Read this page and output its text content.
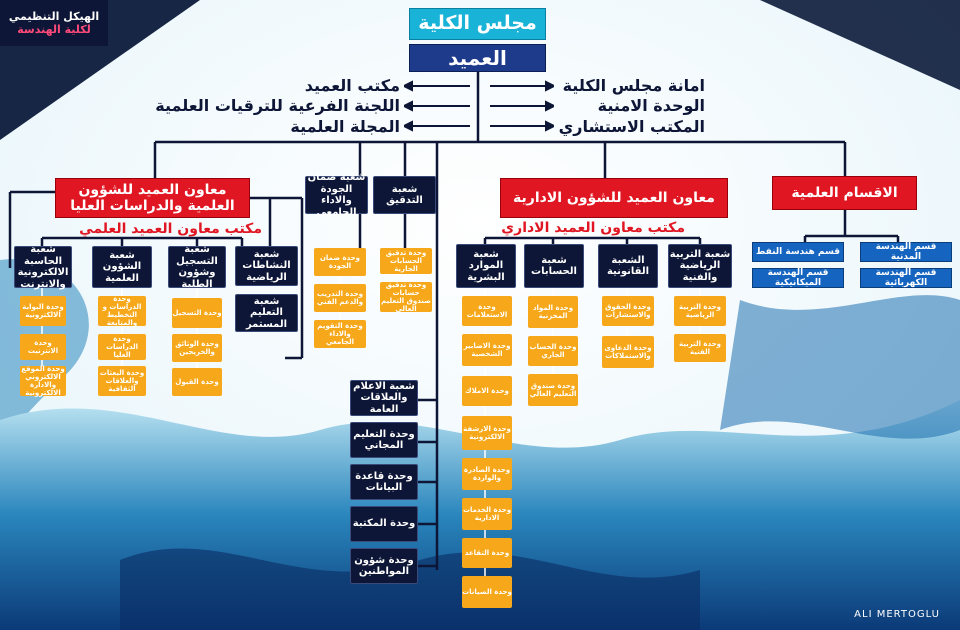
الهيكل التنظيمي
لكلية الهندسة	مجلس الكلية
العميد
مكتب العميد
اللجنة الفرعية للترقيات العلمية
المجلة العلمية
امانة مجلس الكلية
الوحدة الامنية
المكتب الاستشاري
معاون العميد للشؤون العلمية والدراسات العليا
مكتب معاون العميد العلمي
شعبة الحاسبة الالكترونية والانترنت
شعبة الشؤون العلمية
شعبة التسجيل وشؤون الطلبة
شعبة النشاطات الرياضية
شعبة التعليم المستمر
وحدة البوابة الالكترونية
وحدة الانترنيت
وحدة الموقع الالكتروني والادارة الالكترونية
وحدة الدراسات و التخطيط والمتابعة
وحدة الدراسات العليا
وحدة البعثات والعلاقات الثقافية
وحدة التسجيل
وحدة الوثائق والخريجين
وحدة القبول
شعبة ضمان الجودة والاداء الجامعي
شعبة التدقيق
وحدة ضمان الجودة
وحدة التدريب والدعم الفني
وحدة التقويم والاداء الجامعي
وحدة تدقيق الحسابات الجارية
وحدة تدقيق حسابات صندوق التعليم العالي
شعبة الاعلام والعلاقات العامة
وحدة التعليم المجاني
وحدة قاعدة البيانات
وحدة المكتبة
وحدة شؤون المواطنين
معاون العميد للشؤون الادارية
مكتب معاون العميد الاداري
شعبة الموارد البشرية
شعبة الحسابات
الشعبة القانونية
شعبة التربية الرياضية والفنية
وحدة الاستعلامات
وحدة الاضابير الشخصية
وحدة الاملاك
وحدة الارشفة الالكترونية
وحدة الصادرة والواردة
وحدة الخدمات الادارية
وحدة التقاعد
وحدة الصيانات
وحدة المواد المخزنية
وحدة الحساب الجاري
وحدة صندوق التعليم العالي
وحدة الحقوق والاستشارات
وحدة الدعاوى والاستملاكات
وحدة التربية الرياضية
وحدة التربية الفنية
الاقسام العلمية
قسم الهندسة المدنية
قسم هندسة النفط
قسم الهندسة الكهربائية
قسم الهندسة الميكانيكية
ALI MERTOGLU
